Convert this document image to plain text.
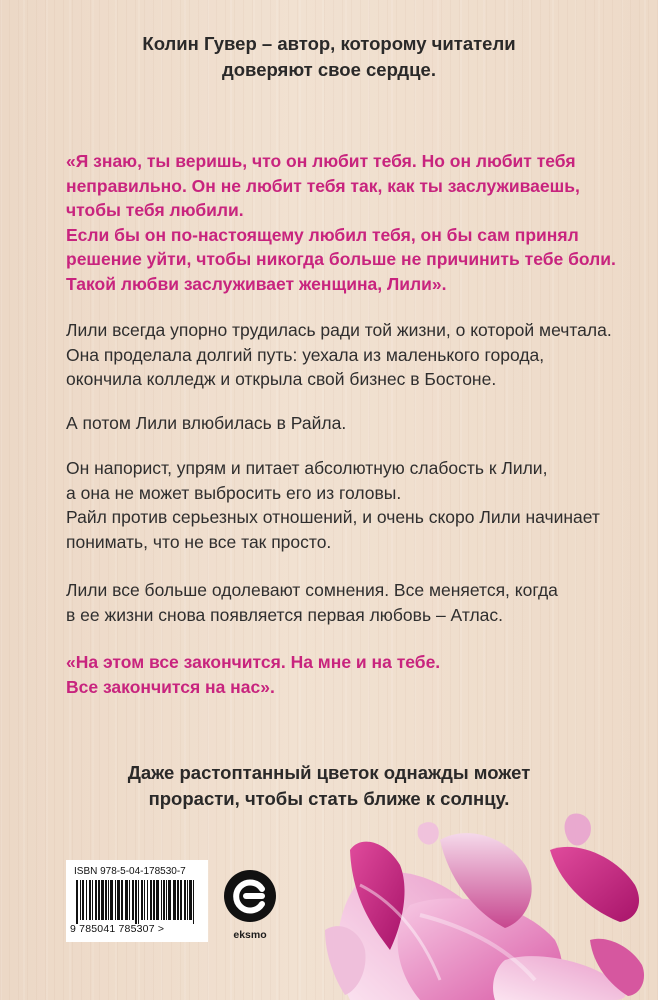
Колин Гувер – автор, которому читатели
доверяют свое сердце.
«Я знаю, ты веришь, что он любит тебя. Но он любит тебя
неправильно. Он не любит тебя так, как ты заслуживаешь,
чтобы тебя любили.
Если бы он по-настоящему любил тебя, он бы сам принял
решение уйти, чтобы никогда больше не причинить тебе боли.
Такой любви заслуживает женщина, Лили».
Лили всегда упорно трудилась ради той жизни, о которой мечтала.
Она проделала долгий путь: уехала из маленького города,
окончила колледж и открыла свой бизнес в Бостоне.
А потом Лили влюбилась в Райла.
Он напорист, упрям и питает абсолютную слабость к Лили,
а она не может выбросить его из головы.
Райл против серьезных отношений, и очень скоро Лили начинает
понимать, что не все так просто.
Лили все больше одолевают сомнения. Все меняется, когда
в ее жизни снова появляется первая любовь – Атлас.
«На этом все закончится. На мне и на тебе.
Все закончится на нас».
Даже растоптанный цветок однажды может
прорасти, чтобы стать ближе к солнцу.
ISBN 978-5-04-178530-7
9 785041 785307 >	eksmo
